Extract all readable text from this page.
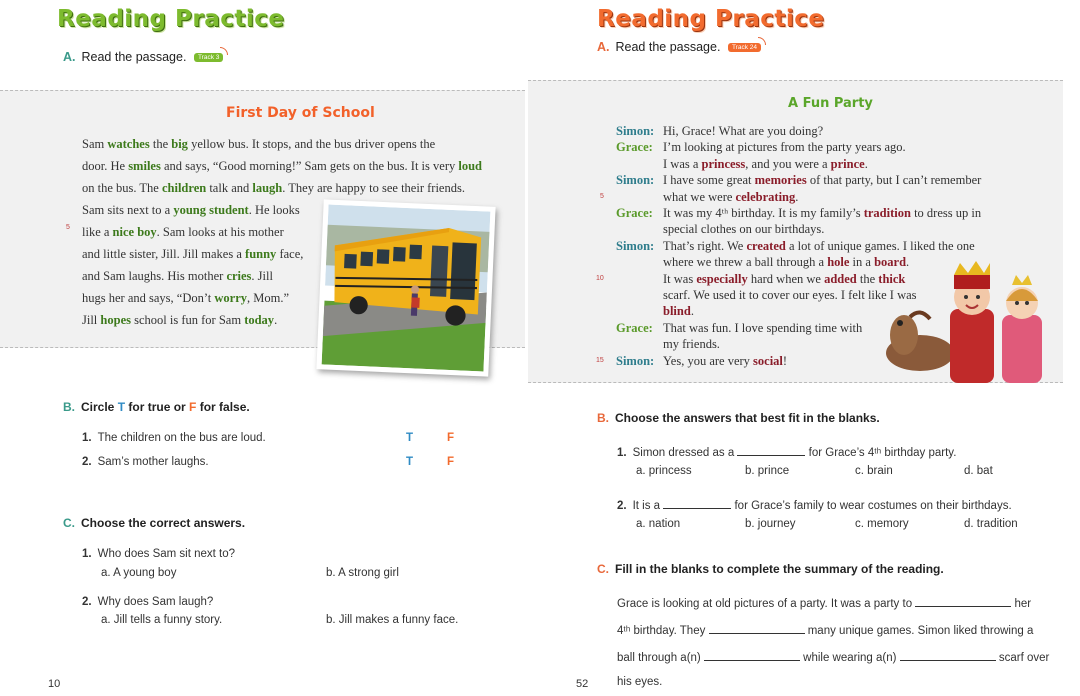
Reading Practice
A. Read the passage. Track 3
First Day of School

Sam watches the big yellow bus. It stops, and the bus driver opens the

door. He smiles and says, “Good morning!” Sam gets on the bus. It is very loud

on the bus. The children talk and laugh. They are happy to see their friends.

Sam sits next to a young student. He looks

like a nice boy. Sam looks at his mother

and little sister, Jill. Jill makes a funny face,

and Sam laughs. His mother cries. Jill

hugs her and says, “Don’t worry, Mom.”

Jill hopes school is fun for Sam today.

5
B. Circle T for true or F for false.
1. The children on the bus are loud.	T	F
2. Sam’s mother laughs.	T	F
C. Choose the correct answers.
1. Who does Sam sit next to?
a. A young boy	b. A strong girl
2. Why does Sam laugh?
a. Jill tells a funny story.	b. Jill makes a funny face.
10
Reading Practice
A. Read the passage. Track 24
A Fun Party
Simon: Hi, Grace! What are you doing?
Grace: I’m looking at pictures from the party years ago.
I was a princess, and you were a prince.
Simon: I have some great memories of that party, but I can’t remember
what we were celebrating.
Grace: It was my 4ᵗʰ birthday. It is my family’s tradition to dress up in
special clothes on our birthdays.
Simon: That’s right. We created a lot of unique games. I liked the one
where we threw a ball through a hole in a board.
It was especially hard when we added the thick
scarf. We used it to cover our eyes. I felt like I was
blind.
Grace: That was fun. I love spending time with
my friends.
Simon: Yes, you are very social!
5
10
15
B. Choose the answers that best fit in the blanks.
1. Simon dressed as a	for Grace’s 4ᵗʰ birthday party.
a. princess	b. prince	c. brain	d. bat
2. It is a	for Grace’s family to wear costumes on their birthdays.
a. nation	b. journey	c. memory	d. tradition
C. Fill in the blanks to complete the summary of the reading.
Grace is looking at old pictures of a party. It was a party to	her
4ᵗʰ birthday. They	many unique games. Simon liked throwing a
ball through a(n)	while wearing a(n)	scarf over
his eyes.
52
